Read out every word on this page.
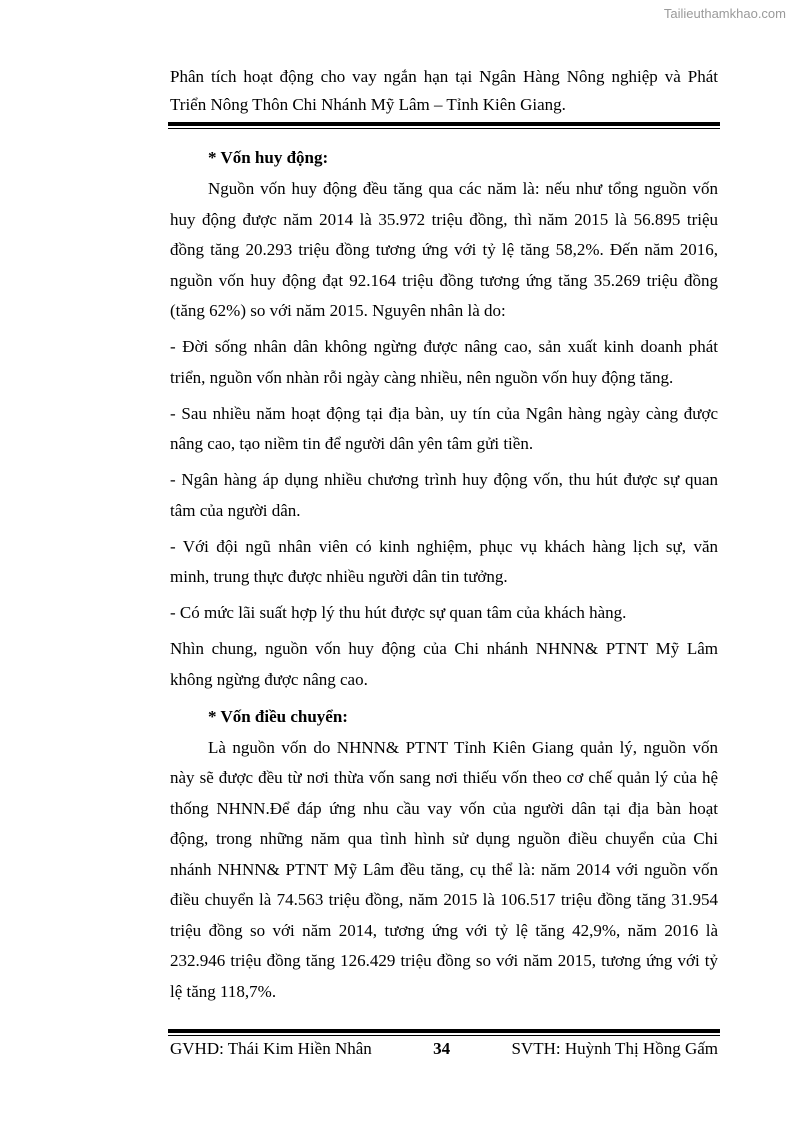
Tailieuthamkhao.com
Phân tích hoạt động cho vay ngắn hạn tại Ngân Hàng Nông nghiệp và Phát
Triển Nông Thôn Chi Nhánh Mỹ Lâm – Tỉnh Kiên Giang.
* Vốn huy động:
Nguồn vốn huy động đều tăng qua các năm là: nếu như tổng nguồn vốn
huy động được năm 2014 là 35.972 triệu đồng, thì năm 2015 là 56.895 triệu
đồng tăng 20.293 triệu đồng tương ứng với tỷ lệ tăng 58,2%. Đến năm 2016,
nguồn vốn huy động đạt 92.164 triệu đồng tương ứng tăng 35.269 triệu đồng
(tăng 62%) so với năm 2015. Nguyên nhân là do:
- Đời sống nhân dân không ngừng được nâng cao, sản xuất kinh doanh phát
triển, nguồn vốn nhàn rỗi ngày càng nhiều, nên nguồn vốn huy động tăng.
- Sau nhiều năm hoạt động tại địa bàn, uy tín của Ngân hàng ngày càng được
nâng cao, tạo niềm tin để người dân yên tâm gửi tiền.
- Ngân hàng áp dụng nhiều chương trình huy động vốn, thu hút được sự quan
tâm của người dân.
- Với đội ngũ nhân viên có kinh nghiệm, phục vụ khách hàng lịch sự, văn
minh, trung thực được nhiều người dân tin tưởng.
- Có mức lãi suất hợp lý thu hút được sự quan tâm của khách hàng.
Nhìn chung, nguồn vốn huy động của Chi nhánh NHNN& PTNT Mỹ Lâm
không ngừng được nâng cao.
* Vốn điều chuyển:
Là nguồn vốn do NHNN& PTNT Tỉnh Kiên Giang quản lý, nguồn vốn
này sẽ được đều từ nơi thừa vốn sang nơi thiếu vốn theo cơ chế quản lý của hệ
thống NHNN.Để đáp ứng nhu cầu vay vốn của người dân tại địa bàn hoạt
động, trong những năm qua tình hình sử dụng nguồn điều chuyển của Chi
nhánh NHNN& PTNT Mỹ Lâm đều tăng, cụ thể là: năm 2014 với nguồn vốn
điều chuyển là 74.563 triệu đồng, năm 2015 là 106.517 triệu đồng tăng 31.954
triệu đồng so với năm 2014, tương ứng với tỷ lệ tăng 42,9%, năm 2016 là
232.946 triệu đồng tăng 126.429 triệu đồng so với năm 2015, tương ứng với tỷ
lệ tăng 118,7%.
GVHD: Thái Kim Hiền Nhân	34	SVTH: Huỳnh Thị Hồng Gấm
